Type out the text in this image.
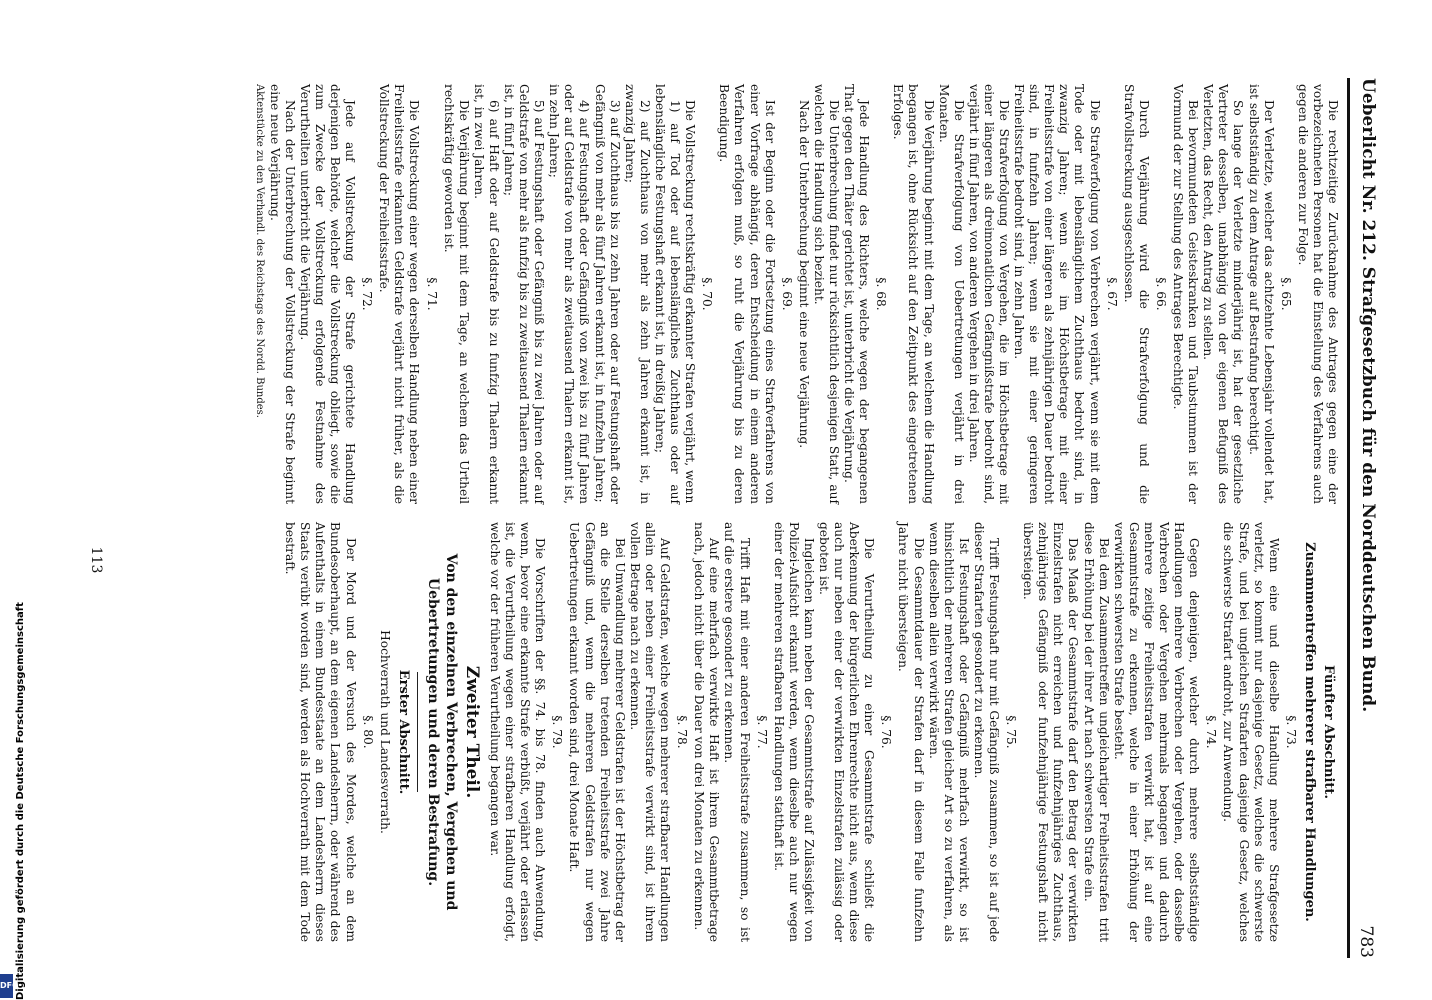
Ueberlicht Nr. 212. Strafgesetzbuch für den Norddeutschen Bund.
783

Die rechtzeitige Zurücknahme des Antrages gegen eine der vorbezeichneten Personen hat die Einstellung des Verfahrens auch gegen die anderen zur Folge.

§. 65.

Der Verletzte, welcher das achtzehnte Lebensjahr vollendet hat, ist selbstständig zu dem Antrage auf Bestrafung berechtigt.

So lange der Verletzte minderjährig ist, hat der gesetzliche Vertreter desselben, unabhängig von der eigenen Befugniß des Verletzten, das Recht, den Antrag zu stellen.

Bei bevormundeten Geisteskranken und Taubstummen ist der Vormund der zur Stellung des Antrages Berechtigte.

§. 66.

Durch Verjährung wird die Strafverfolgung und die Strafvollstreckung ausgeschlossen.

§. 67.

Die Strafverfolgung von Verbrechen verjährt, wenn sie mit dem Tode oder mit lebenslänglichem Zuchthaus bedroht sind, in zwanzig Jahren; wenn sie im Höchstbetrage mit einer Freiheitsstrafe von einer längeren als zehnjährigen Dauer bedroht sind, in funfzehn Jahren; wenn sie mit einer geringeren Freiheitsstrafe bedroht sind, in zehn Jahren.

Die Strafverfolgung von Vergehen, die im Höchstbetrage mit einer längeren als dreimonatlichen Gefängnißstrafe bedroht sind, verjährt in fünf Jahren, von anderen Vergehen in drei Jahren.

Die Strafverfolgung von Uebertretungen verjährt in drei Monaten.

Die Verjährung beginnt mit dem Tage, an welchem die Handlung begangen ist, ohne Rücksicht auf den Zeitpunkt des eingetretenen Erfolges.

§. 68.

Jede Handlung des Richters, welche wegen der begangenen That gegen den Thäter gerichtet ist, unterbricht die Verjährung.

Die Unterbrechung findet nur rücksichtlich desjenigen Statt, auf welchen die Handlung sich bezieht.

Nach der Unterbrechung beginnt eine neue Verjährung.

§. 69.

Ist der Beginn oder die Fortsetzung eines Strafverfahrens von einer Vorfrage abhängig, deren Entscheidung in einem anderen Verfahren erfolgen muß, so ruht die Verjährung bis zu deren Beendigung.

§. 70.

Die Vollstreckung rechtskräftig erkannter Strafen verjährt, wenn

1) auf Tod oder auf lebenslängliches Zuchthaus oder auf lebenslängliche Festungshaft erkannt ist, in dreißig Jahren;

2) auf Zuchthaus von mehr als zehn Jahren erkannt ist, in zwanzig Jahren;

3) auf Zuchthaus bis zu zehn Jahren oder auf Festungshaft oder Gefängniß von mehr als fünf Jahren erkannt ist, in funfzehn Jahren;

4) auf Festungshaft oder Gefängniß von zwei bis zu fünf Jahren oder auf Geldstrafe von mehr als zweitausend Thalern erkannt ist, in zehn Jahren;

5) auf Festungshaft oder Gefängniß bis zu zwei Jahren oder auf Geldstrafe von mehr als funfzig bis zu zweitausend Thalern erkannt ist, in fünf Jahren;

6) auf Haft oder auf Geldstrafe bis zu funfzig Thalern erkannt ist, in zwei Jahren.

Die Verjährung beginnt mit dem Tage, an welchem das Urtheil rechtskräftig geworden ist.

§. 71.

Die Vollstreckung einer wegen derselben Handlung neben einer Freiheitsstrafe erkannten Geldstrafe verjährt nicht früher, als die Vollstreckung der Freiheitsstrafe.

§. 72.

Jede auf Vollstreckung der Strafe gerichtete Handlung derjenigen Behörde, welcher die Vollstreckung obliegt, sowie die zum Zwecke der Vollstreckung erfolgende Festnahme des Verurtheilten unterbricht die Verjährung.

Nach der Unterbrechung der Vollstreckung der Strafe beginnt eine neue Verjährung.

Aktenstücke zu den Verhandl. des Reichstags des Nordd. Bundes.

Fünfter Abschnitt.

Zusammentreffen mehrerer strafbarer Handlungen.

§. 73.

Wenn eine und dieselbe Handlung mehrere Strafgesetze verletzt, so kommt nur dasjenige Gesetz, welches die schwerste Strafe, und bei ungleichen Strafarten dasjenige Gesetz, welches die schwerste Strafart androht, zur Anwendung.

§. 74.

Gegen denjenigen, welcher durch mehrere selbstständige Handlungen mehrere Verbrechen oder Vergehen, oder dasselbe Verbrechen oder Vergehen mehrmals begangen und dadurch mehrere zeitige Freiheitsstrafen verwirkt hat, ist auf eine Gesammtstrafe zu erkennen, welche in einer Erhöhung der verwirkten schwersten Strafe besteht.

Bei dem Zusammentreffen ungleichartiger Freiheitsstrafen tritt diese Erhöhung bei der ihrer Art nach schwersten Strafe ein.

Das Maaß der Gesammtstrafe darf den Betrag der verwirkten Einzelstrafen nicht erreichen und funfzehnjähriges Zuchthaus, zehnjähriges Gefängniß oder funfzehnjährige Festungshaft nicht übersteigen.

§. 75.

Trifft Festungshaft nur mit Gefängniß zusammen, so ist auf jede dieser Strafarten gesondert zu erkennen.

Ist Festungshaft oder Gefängniß mehrfach verwirkt, so ist hinsichtlich der mehreren Strafen gleicher Art so zu verfahren, als wenn dieselben allein verwirkt wären.

Die Gesammtdauer der Strafen darf in diesem Falle funfzehn Jahre nicht übersteigen.

§. 76.

Die Verurtheilung zu einer Gesammtstrafe schließt die Aberkennung der bürgerlichen Ehrenrechte nicht aus, wenn diese auch nur neben einer der verwirkten Einzelstrafen zulässig oder geboten ist.

Ingleichen kann neben der Gesammtstrafe auf Zulässigkeit von Polizei-Aufsicht erkannt werden, wenn dieselbe auch nur wegen einer der mehreren strafbaren Handlungen statthaft ist.

§. 77.

Trifft Haft mit einer anderen Freiheitsstrafe zusammen, so ist auf die erstere gesondert zu erkennen.

Auf eine mehrfach verwirkte Haft ist ihrem Gesammtbetrage nach, jedoch nicht über die Dauer von drei Monaten zu erkennen.

§. 78.

Auf Geldstrafen, welche wegen mehrerer strafbarer Handlungen allein oder neben einer Freiheitsstrafe verwirkt sind, ist ihrem vollen Betrage nach zu erkennen.

Bei Umwandlung mehrerer Geldstrafen ist der Höchstbetrag der an die Stelle derselben tretenden Freiheitsstrafe zwei Jahre Gefängniß und, wenn die mehreren Geldstrafen nur wegen Uebertretungen erkannt worden sind, drei Monate Haft.

§. 79.

Die Vorschriften der §§. 74. bis 78. finden auch Anwendung, wenn, bevor eine erkannte Strafe verbüßt, verjährt oder erlassen ist, die Verurtheilung wegen einer strafbaren Handlung erfolgt, welche vor der früheren Verurtheilung begangen war.

Zweiter Theil.

Von den einzelnen Verbrechen, Vergehen und Uebertretungen und deren Bestrafung.

Erster Abschnitt.

Hochverrath und Landesverrath.

§. 80.

Der Mord und der Versuch des Mordes, welche an dem Bundesoberhaupt, an dem eigenen Landesherrn, oder während des Aufenthalts in einem Bundesstaate an dem Landesherrn dieses Staats verübt worden sind, werden als Hochverrath mit dem Tode bestraft.

113
Digitalisierung gefördert durch die Deutsche Forschungsgemeinschaft
DFG
